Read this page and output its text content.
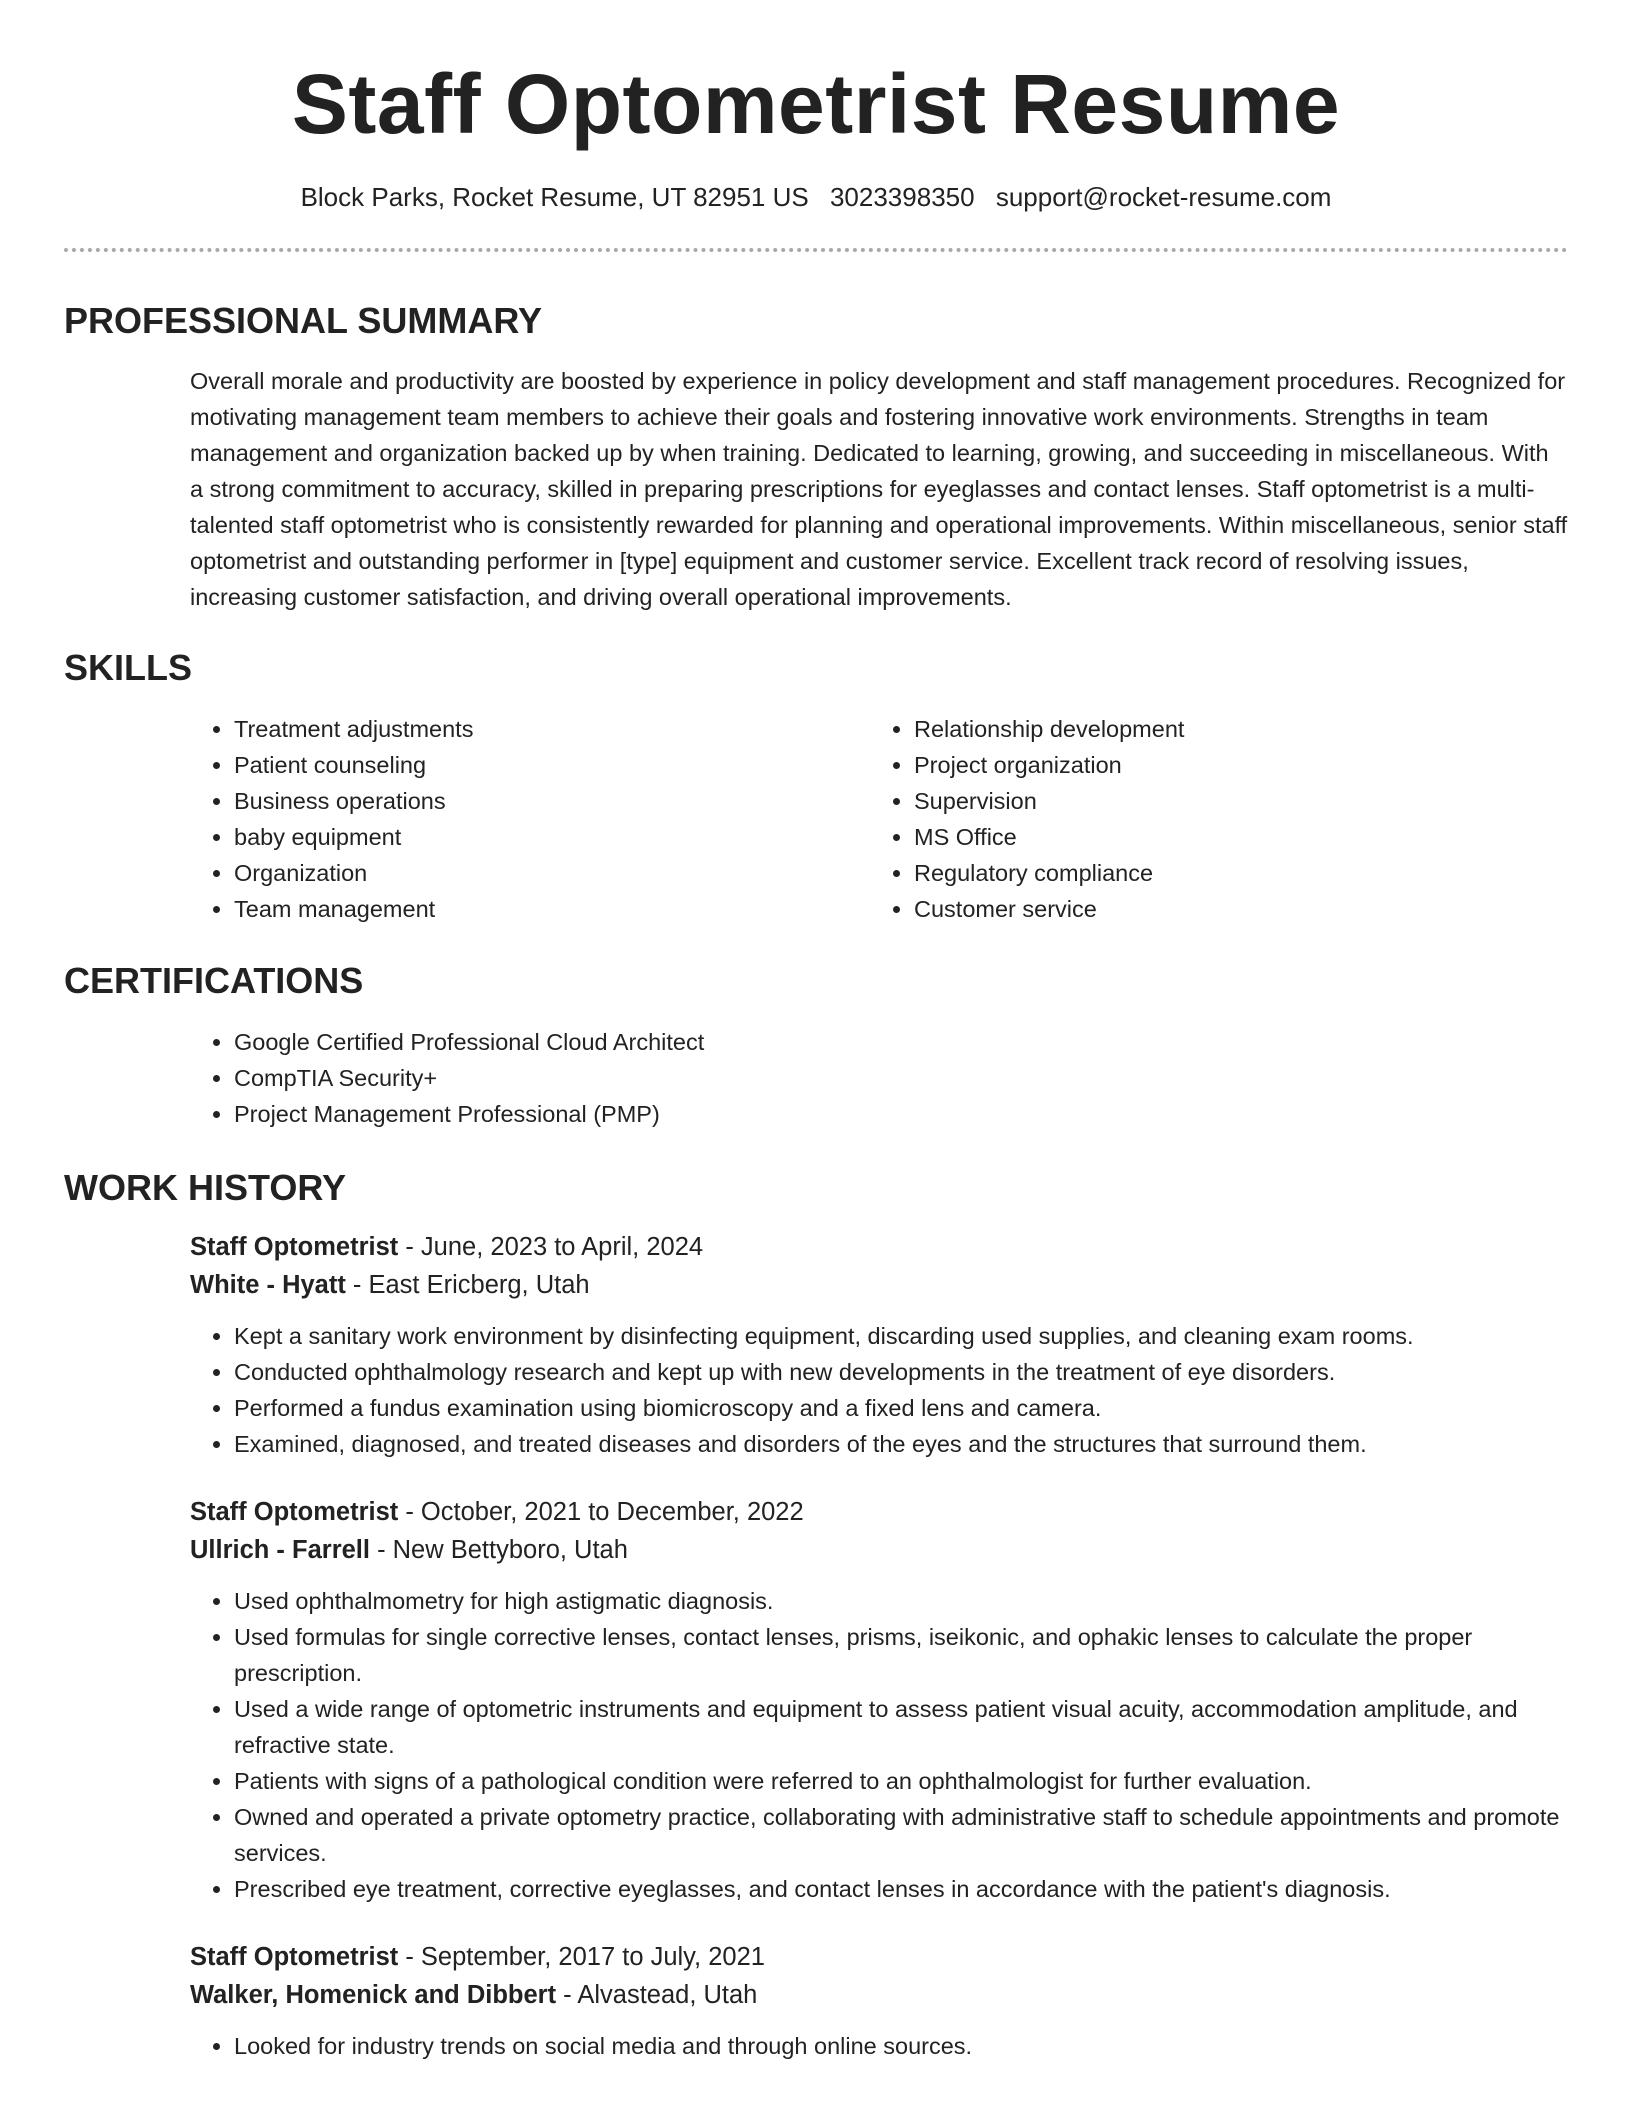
Staff Optometrist Resume
Block Parks, Rocket Resume, UT 82951 US 3023398350 support@rocket-resume.com
PROFESSIONAL SUMMARY

Overall morale and productivity are boosted by experience in policy development and staff management procedures. Recognized for motivating management team members to achieve their goals and fostering innovative work environments. Strengths in team management and organization backed up by when training. Dedicated to learning, growing, and succeeding in miscellaneous. With a strong commitment to accuracy, skilled in preparing prescriptions for eyeglasses and contact lenses. Staff optometrist is a multi-talented staff optometrist who is consistently rewarded for planning and operational improvements. Within miscellaneous, senior staff optometrist and outstanding performer in [type] equipment and customer service. Excellent track record of resolving issues, increasing customer satisfaction, and driving overall operational improvements.

SKILLS
• Treatment adjustments
• Patient counseling
• Business operations
• baby equipment
• Organization
• Team management
• Relationship development
• Project organization
• Supervision
• MS Office
• Regulatory compliance
• Customer service
CERTIFICATIONS
• Google Certified Professional Cloud Architect
• CompTIA Security+
• Project Management Professional (PMP)
WORK HISTORY
Staff Optometrist - June, 2023 to April, 2024
White - Hyatt - East Ericberg, Utah
• Kept a sanitary work environment by disinfecting equipment, discarding used supplies, and cleaning exam rooms.
• Conducted ophthalmology research and kept up with new developments in the treatment of eye disorders.
• Performed a fundus examination using biomicroscopy and a fixed lens and camera.
• Examined, diagnosed, and treated diseases and disorders of the eyes and the structures that surround them.
Staff Optometrist - October, 2021 to December, 2022
Ullrich - Farrell - New Bettyboro, Utah
• Used ophthalmometry for high astigmatic diagnosis.
• Used formulas for single corrective lenses, contact lenses, prisms, iseikonic, and ophakic lenses to calculate the proper prescription.
• Used a wide range of optometric instruments and equipment to assess patient visual acuity, accommodation amplitude, and refractive state.
• Patients with signs of a pathological condition were referred to an ophthalmologist for further evaluation.
• Owned and operated a private optometry practice, collaborating with administrative staff to schedule appointments and promote services.
• Prescribed eye treatment, corrective eyeglasses, and contact lenses in accordance with the patient's diagnosis.
Staff Optometrist - September, 2017 to July, 2021
Walker, Homenick and Dibbert - Alvastead, Utah
• Looked for industry trends on social media and through online sources.
